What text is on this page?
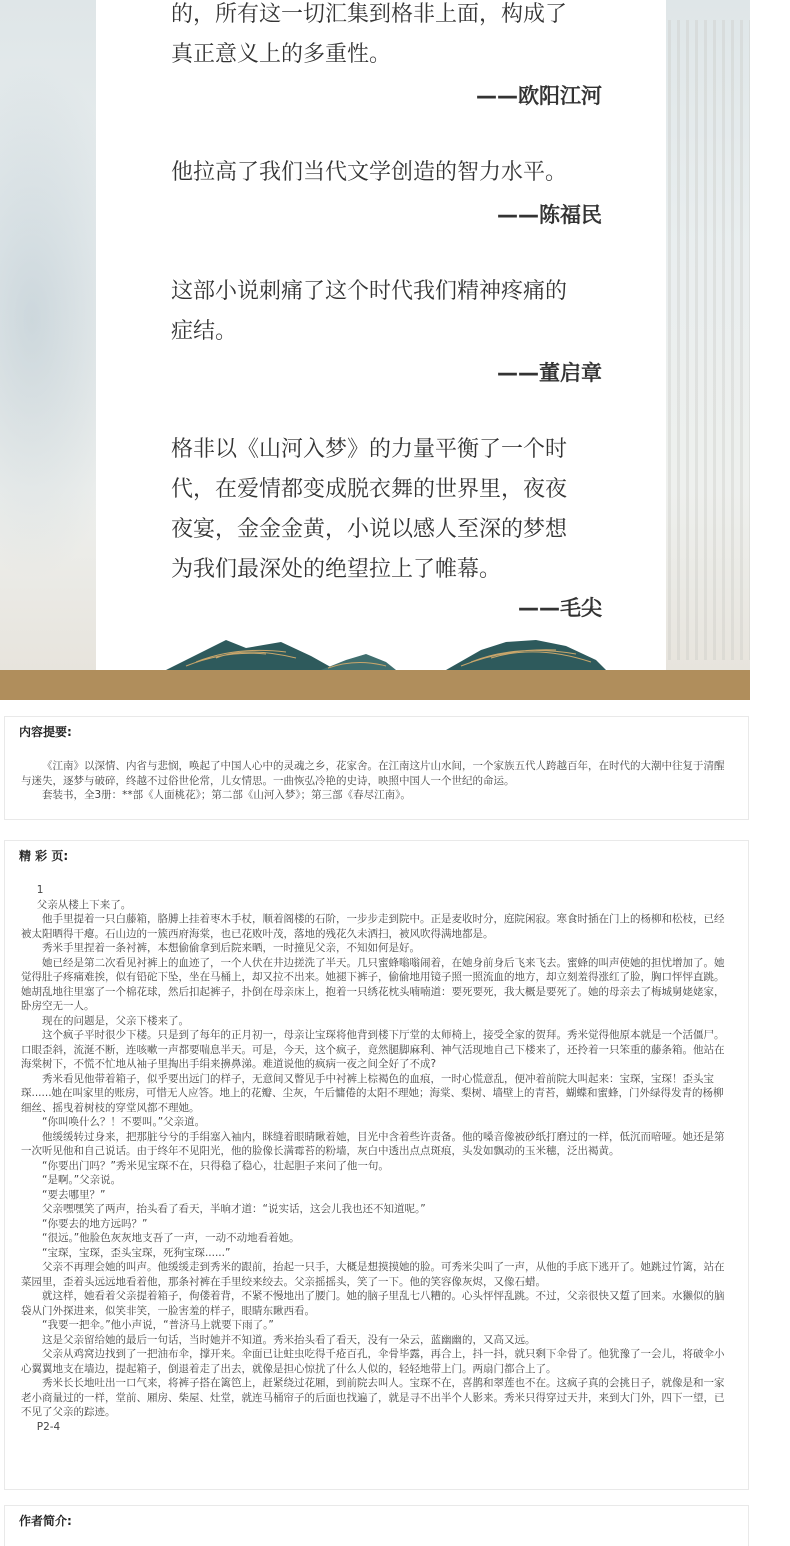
的，所有这一切汇集到格非上面，构成了
真正意义上的多重性。
——欧阳江河
他拉高了我们当代文学创造的智力水平。
——陈福民
这部小说刺痛了这个时代我们精神疼痛的
症结。
——董启章
格非以《山河入梦》的力量平衡了一个时
代，在爱情都变成脱衣舞的世界里，夜夜
夜宴，金金金黄，小说以感人至深的梦想
为我们最深处的绝望拉上了帷幕。
——毛尖
内容提要:

《江南》以深情、内省与悲悯，唤起了中国人心中的灵魂之乡，花家舍。在江南这片山水间，一个家族五代人跨越百年，在时代的大潮中往复于清醒与迷失，逐梦与破碎，终越不过俗世伦常，儿女情思。一曲恢弘冷艳的史诗，映照中国人一个世纪的命运。

套装书，全3册：**部《人面桃花》；第二部《山河入梦》；第三部《春尽江南》。

精 彩 页:

1

父亲从楼上下来了。

他手里提着一只白藤箱，胳膊上挂着枣木手杖，顺着阁楼的石阶，一步步走到院中。正是麦收时分，庭院闲寂。寒食时插在门上的杨柳和松枝，已经被太阳晒得干瘪。石山边的一簇西府海棠，也已花败叶茂，落地的残花久未洒扫，被风吹得满地都是。

秀米手里捏着一条衬裤，本想偷偷拿到后院来晒，一时撞见父亲，不知如何是好。

她已经是第二次看见衬裤上的血迹了，一个人伏在井边搓洗了半天。几只蜜蜂嗡嗡闹着，在她身前身后飞来飞去。蜜蜂的叫声使她的担忧增加了。她觉得肚子疼痛难挨，似有铅砣下坠，坐在马桶上，却又拉不出来。她褪下裤子，偷偷地用镜子照一照流血的地方，却立刻羞得涨红了脸，胸口怦怦直跳。她胡乱地往里塞了一个棉花球，然后扣起裤子，扑倒在母亲床上，抱着一只绣花枕头喃喃道：要死要死，我大概是要死了。她的母亲去了梅城舅姥姥家，卧房空无一人。

现在的问题是，父亲下楼来了。

这个疯子平时很少下楼。只是到了每年的正月初一，母亲让宝琛将他背到楼下厅堂的太师椅上，接受全家的贺拜。秀米觉得他原本就是一个活僵尸。口眼歪斜，流涎不断，连咳嗽一声都要喘息半天。可是，今天，这个疯子，竟然腿脚麻利、神气活现地自己下楼来了，还拎着一只笨重的藤条箱。他站在海棠树下，不慌不忙地从袖子里掏出手绢来擤鼻涕。难道说他的疯病一夜之间全好了不成?

秀米看见他带着箱子，似乎要出远门的样子，无意间又瞥见手中衬裤上棕褐色的血痕，一时心慌意乱，便冲着前院大叫起来：宝琛，宝琛！歪头宝琛......她在叫家里的账房，可惜无人应答。地上的花瓣、尘灰，午后慵倦的太阳不理她；海棠、梨树、墙壁上的青苔，蝴蝶和蜜蜂，门外绿得发青的杨柳细丝、摇曳着树枝的穿堂风都不理她。

“你叫唤什么？！不要叫。”父亲道。

他缓缓转过身来，把那脏兮兮的手绢塞入袖内，眯缝着眼睛瞅着她，目光中含着些许责备。他的嗓音像被砂纸打磨过的一样，低沉而喑哑。她还是第一次听见他和自己说话。由于终年不见阳光，他的脸像长满霉苔的粉墙，灰白中透出点点斑痕，头发如飘动的玉米穗，泛出褐黄。

“你要出门吗？”秀米见宝琛不在，只得稳了稳心，壮起胆子来问了他一句。

“是啊。”父亲说。

“要去哪里？”

父亲嘿嘿笑了两声，抬头看了看天，半晌才道：“说实话，这会儿我也还不知道呢。”

“你要去的地方远吗？”

“很远。”他脸色灰灰地支吾了一声，一动不动地看着她。

“宝琛，宝琛，歪头宝琛，死狗宝琛......”

父亲不再理会她的叫声。他缓缓走到秀米的跟前，抬起一只手，大概是想摸摸她的脸。可秀米尖叫了一声，从他的手底下逃开了。她跳过竹篱，站在菜园里，歪着头远远地看着他，那条衬裤在手里绞来绞去。父亲摇摇头，笑了一下。他的笑容像灰烬，又像石蜡。

就这样，她看着父亲提着箱子，佝偻着背，不紧不慢地出了腰门。她的脑子里乱七八糟的。心头怦怦乱跳。不过，父亲很快又踅了回来。水獭似的脑袋从门外探进来，似笑非笑，一脸害羞的样子，眼睛东瞅西看。

“我要一把伞。”他小声说，“普济马上就要下雨了。”

这是父亲留给她的最后一句话，当时她并不知道。秀米抬头看了看天，没有一朵云，蓝幽幽的，又高又远。

父亲从鸡窝边找到了一把油布伞，撑开来。伞面已让蛀虫吃得千疮百孔，伞骨毕露，再合上，抖一抖，就只剩下伞骨了。他犹豫了一会儿，将破伞小心翼翼地支在墙边，提起箱子，倒退着走了出去，就像是担心惊扰了什么人似的，轻轻地带上门。两扇门都合上了。

秀米长长地吐出一口气来，将裤子搭在篱笆上，赶紧绕过花厢，到前院去叫人。宝琛不在，喜鹊和翠莲也不在。这疯子真的会挑日子，就像是和一家老小商量过的一样，堂前、厢房、柴屋、灶堂，就连马桶帘子的后面也找遍了，就是寻不出半个人影来。秀米只得穿过天井，来到大门外，四下一望，已不见了父亲的踪迹。

P2-4

作者简介:
